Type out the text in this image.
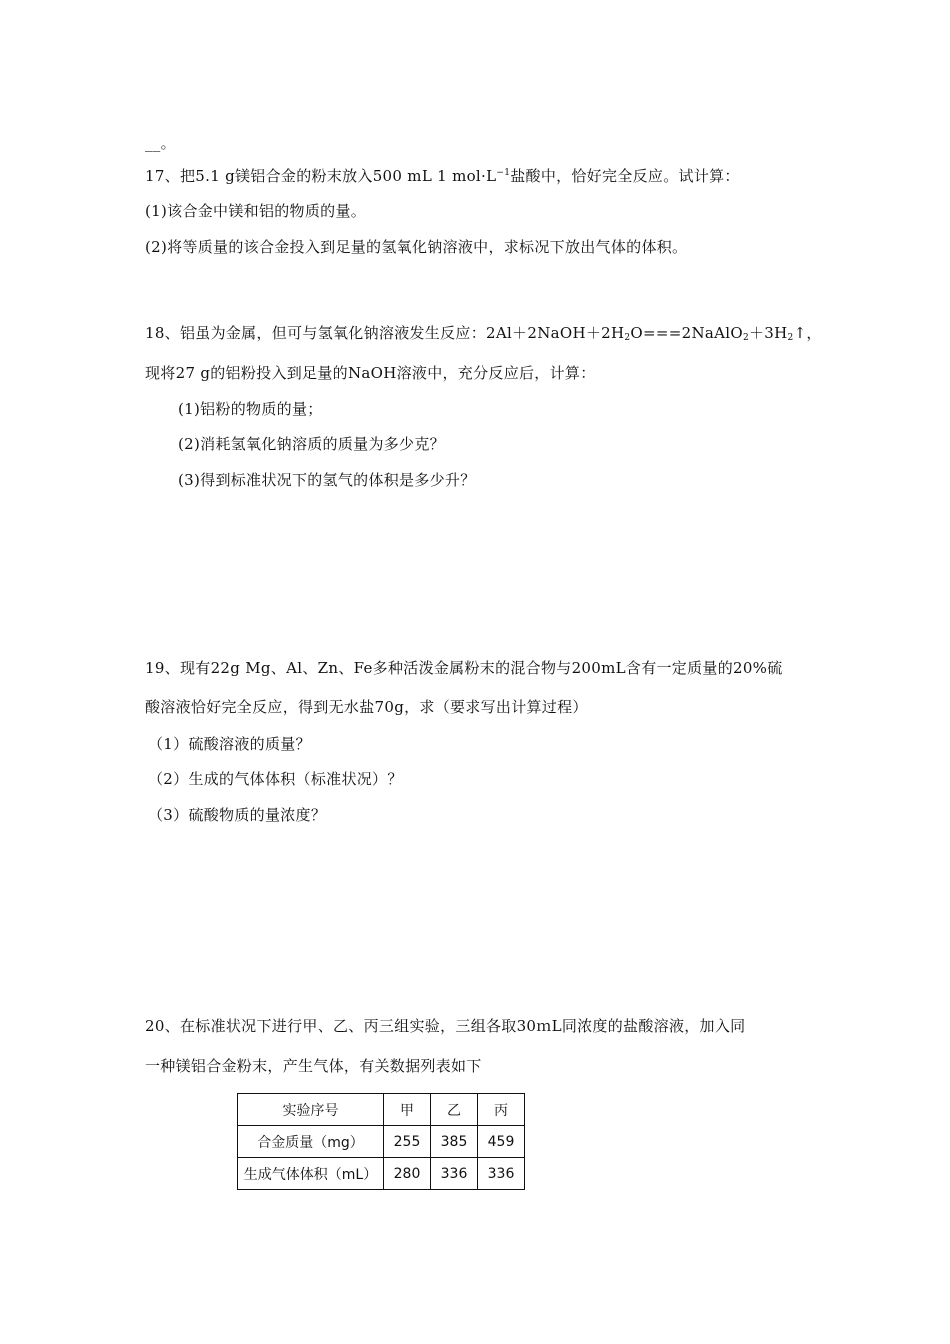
__。
17、把5.1 g镁铝合金的粉末放入500 mL 1 $mol\cdot L^{-1}$盐酸中，恰好完全反应。试计算：
(1)该合金中镁和铝的物质的量。
(2)将等质量的该合金投入到足量的氢氧化钠溶液中，求标况下放出气体的体积。
18、铝虽为金属，但可与氢氧化钠溶液发生反应：$2Al+2NaOH+2H_2O===2NaAlO_2+3H_2↑$，
现将27 g的铝粉投入到足量的NaOH溶液中，充分反应后，计算：
(1)铝粉的物质的量；
(2)消耗氢氧化钠溶质的质量为多少克？
(3)得到标准状况下的氢气的体积是多少升？
19、现有22g Mg、Al、Zn、Fe多种活泼金属粉末的混合物与200mL含有一定质量的20%硫
酸溶液恰好完全反应，得到无水盐70g，求（要求写出计算过程）
（1）硫酸溶液的质量？
（2）生成的气体体积（标准状况）？
（3）硫酸物质的量浓度？
20、在标准状况下进行甲、乙、丙三组实验，三组各取30ｍL同浓度的盐酸溶液，加入同
一种镁铝合金粉末，产生气体，有关数据列表如下
实验序号	甲	乙	丙
合金质量（mg）	255	385	459
生成气体体积（mL）	280	336	336
